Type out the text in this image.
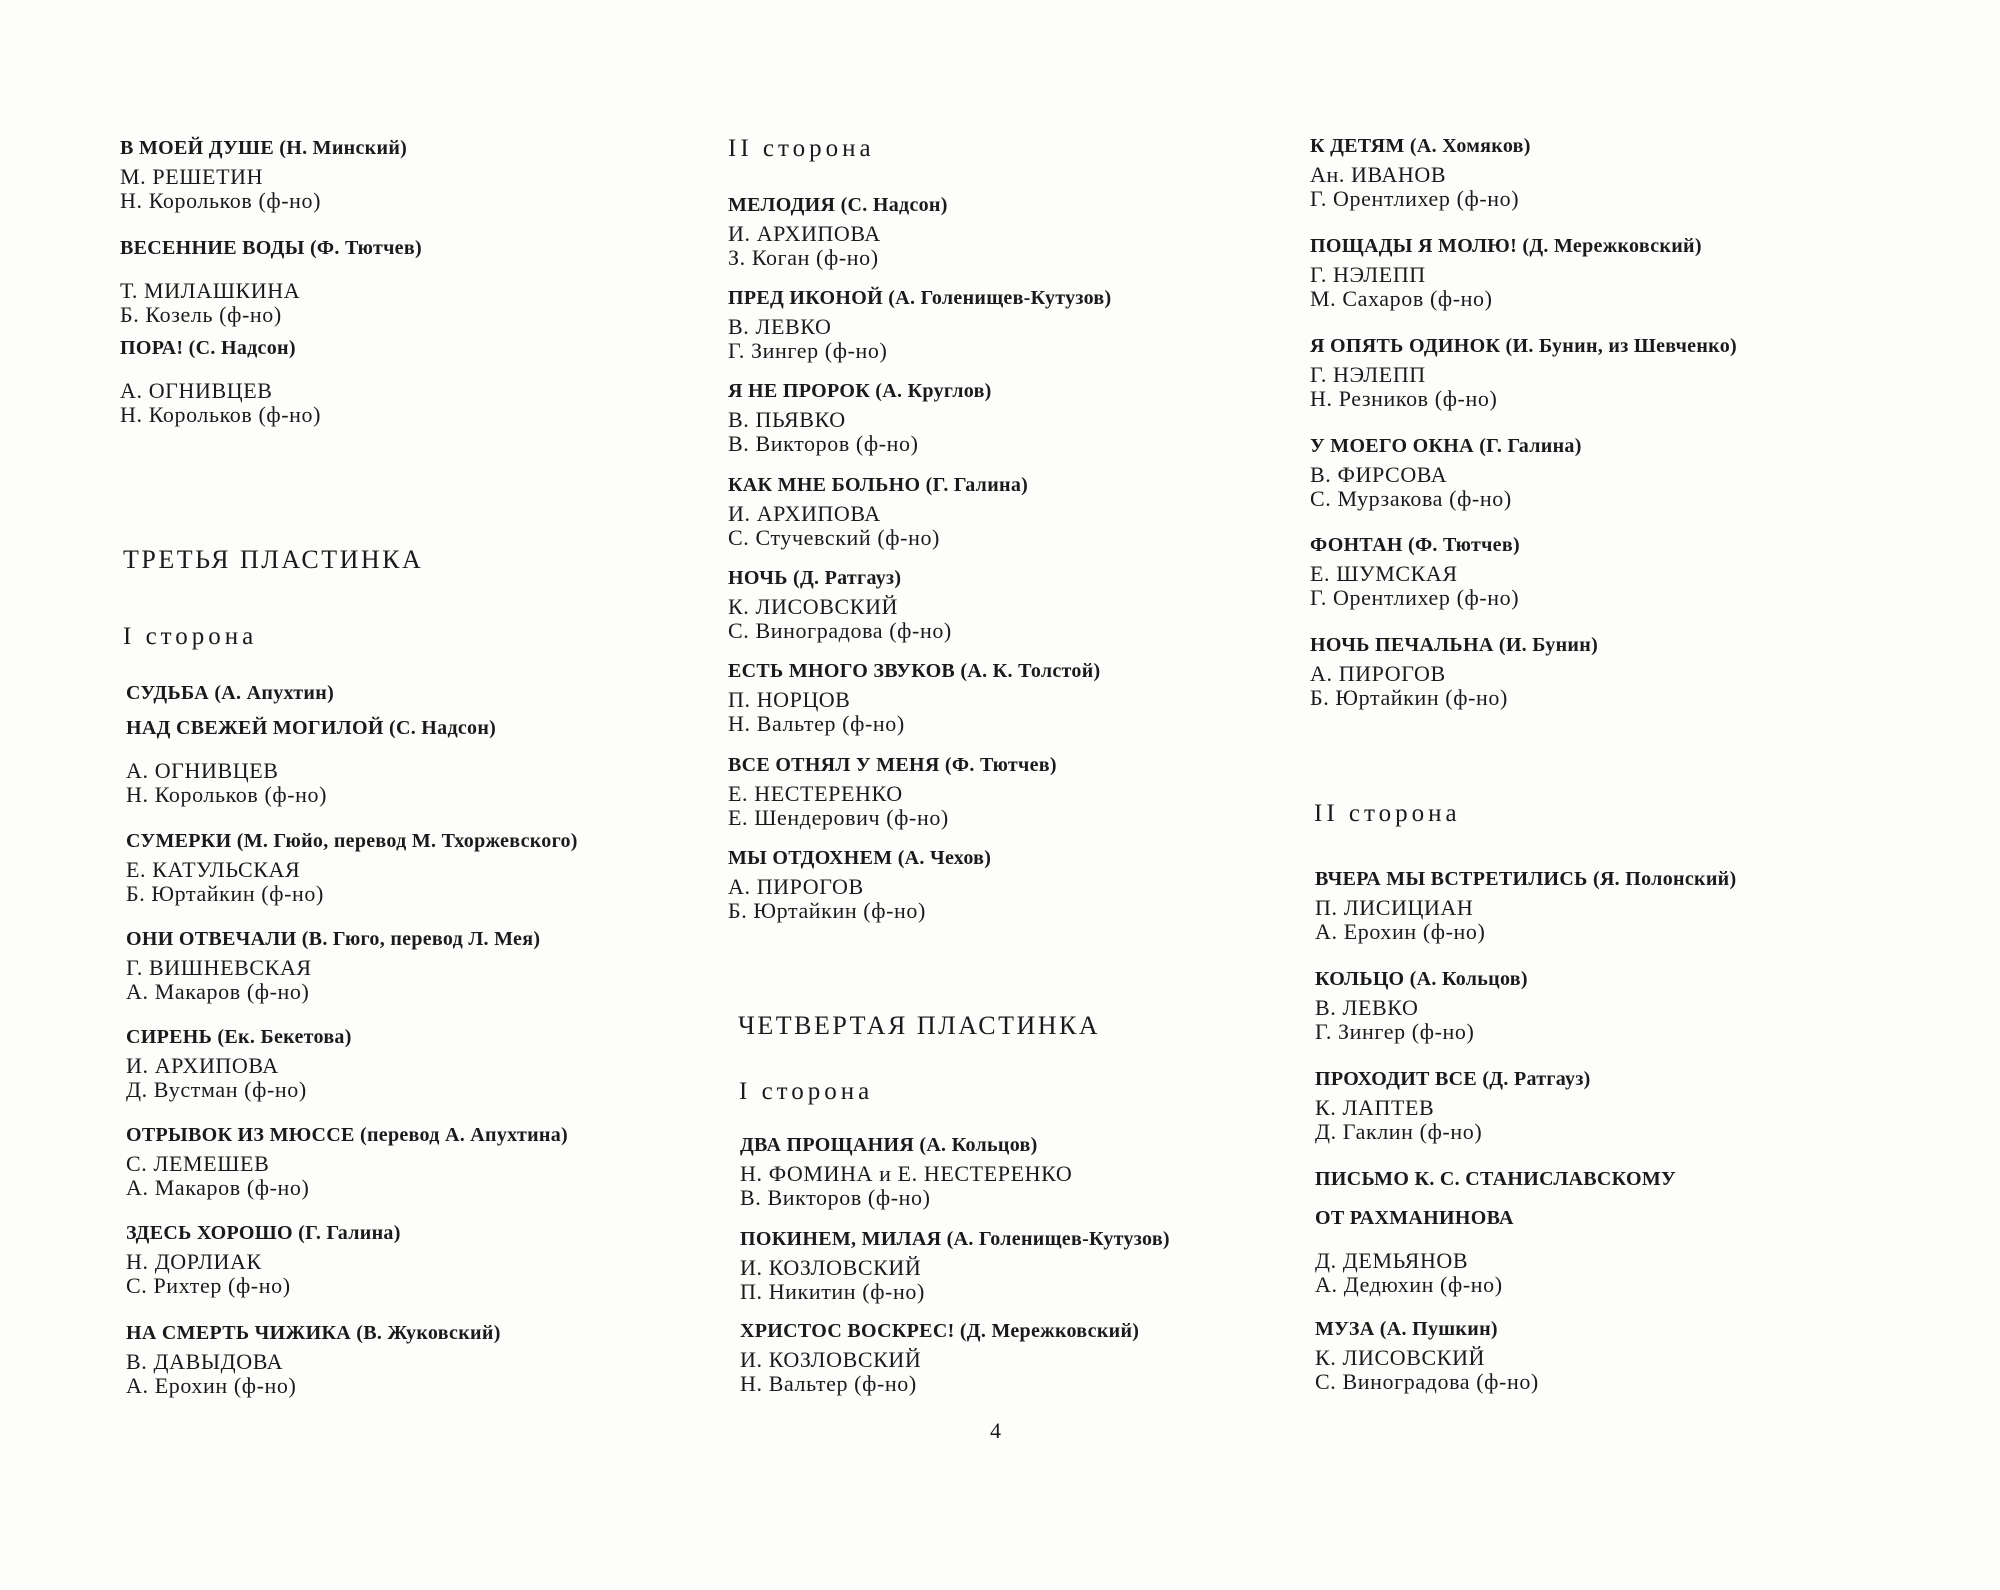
В МОЕЙ ДУШЕ (Н. Минский)
М. РЕШЕТИН
Н. Корольков (ф-но)
ВЕСЕННИЕ ВОДЫ (Ф. Тютчев)
Т. МИЛАШКИНА
Б. Козель (ф-но)
ПОРА! (С. Надсон)
А. ОГНИВЦЕВ
Н. Корольков (ф-но)
ТРЕТЬЯ ПЛАСТИНКА
I сторона
СУДЬБА (А. Апухтин)
НАД СВЕЖЕЙ МОГИЛОЙ (С. Надсон)
А. ОГНИВЦЕВ
Н. Корольков (ф-но)
СУМЕРКИ (М. Гюйо, перевод М. Тхоржевского)
Е. КАТУЛЬСКАЯ
Б. Юртайкин (ф-но)
ОНИ ОТВЕЧАЛИ (В. Гюго, перевод Л. Мея)
Г. ВИШНЕВСКАЯ
А. Макаров (ф-но)
СИРЕНЬ (Ек. Бекетова)
И. АРХИПОВА
Д. Вустман (ф-но)
ОТРЫВОК ИЗ МЮССЕ (перевод А. Апухтина)
С. ЛЕМЕШЕВ
А. Макаров (ф-но)
ЗДЕСЬ ХОРОШО (Г. Галина)
Н. ДОРЛИАК
С. Рихтер (ф-но)
НА СМЕРТЬ ЧИЖИКА (В. Жуковский)
В. ДАВЫДОВА
А. Ерохин (ф-но)
II сторона
МЕЛОДИЯ (С. Надсон)
И. АРХИПОВА
З. Коган (ф-но)
ПРЕД ИКОНОЙ (А. Голенищев-Кутузов)
В. ЛЕВКО
Г. Зингер (ф-но)
Я НЕ ПРОРОК (А. Круглов)
В. ПЬЯВКО
В. Викторов (ф-но)
КАК МНЕ БОЛЬНО (Г. Галина)
И. АРХИПОВА
С. Стучевский (ф-но)
НОЧЬ (Д. Ратгауз)
К. ЛИСОВСКИЙ
С. Виноградова (ф-но)
ЕСТЬ МНОГО ЗВУКОВ (А. К. Толстой)
П. НОРЦОВ
Н. Вальтер (ф-но)
ВСЕ ОТНЯЛ У МЕНЯ (Ф. Тютчев)
Е. НЕСТЕРЕНКО
Е. Шендерович (ф-но)
МЫ ОТДОХНЕМ (А. Чехов)
А. ПИРОГОВ
Б. Юртайкин (ф-но)
ЧЕТВЕРТАЯ ПЛАСТИНКА
I сторона
ДВА ПРОЩАНИЯ (А. Кольцов)
Н. ФОМИНА и Е. НЕСТЕРЕНКО
В. Викторов (ф-но)
ПОКИНЕМ, МИЛАЯ (А. Голенищев-Кутузов)
И. КОЗЛОВСКИЙ
П. Никитин (ф-но)
ХРИСТОС ВОСКРЕС! (Д. Мережковский)
И. КОЗЛОВСКИЙ
Н. Вальтер (ф-но)
К ДЕТЯМ (А. Хомяков)
Ан. ИВАНОВ
Г. Орентлихер (ф-но)
ПОЩАДЫ Я МОЛЮ! (Д. Мережковский)
Г. НЭЛЕПП
М. Сахаров (ф-но)
Я ОПЯТЬ ОДИНОК (И. Бунин, из Шевченко)
Г. НЭЛЕПП
Н. Резников (ф-но)
У МОЕГО ОКНА (Г. Галина)
В. ФИРСОВА
С. Мурзакова (ф-но)
ФОНТАН (Ф. Тютчев)
Е. ШУМСКАЯ
Г. Орентлихер (ф-но)
НОЧЬ ПЕЧАЛЬНА (И. Бунин)
А. ПИРОГОВ
Б. Юртайкин (ф-но)
II сторона
ВЧЕРА МЫ ВСТРЕТИЛИСЬ (Я. Полонский)
П. ЛИСИЦИАН
А. Ерохин (ф-но)
КОЛЬЦО (А. Кольцов)
В. ЛЕВКО
Г. Зингер (ф-но)
ПРОХОДИТ ВСЕ (Д. Ратгауз)
К. ЛАПТЕВ
Д. Гаклин (ф-но)
ПИСЬМО К. С. СТАНИСЛАВСКОМУ
ОТ РАХМАНИНОВА
Д. ДЕМЬЯНОВ
А. Дедюхин (ф-но)
МУЗА (А. Пушкин)
К. ЛИСОВСКИЙ
С. Виноградова (ф-но)
4
